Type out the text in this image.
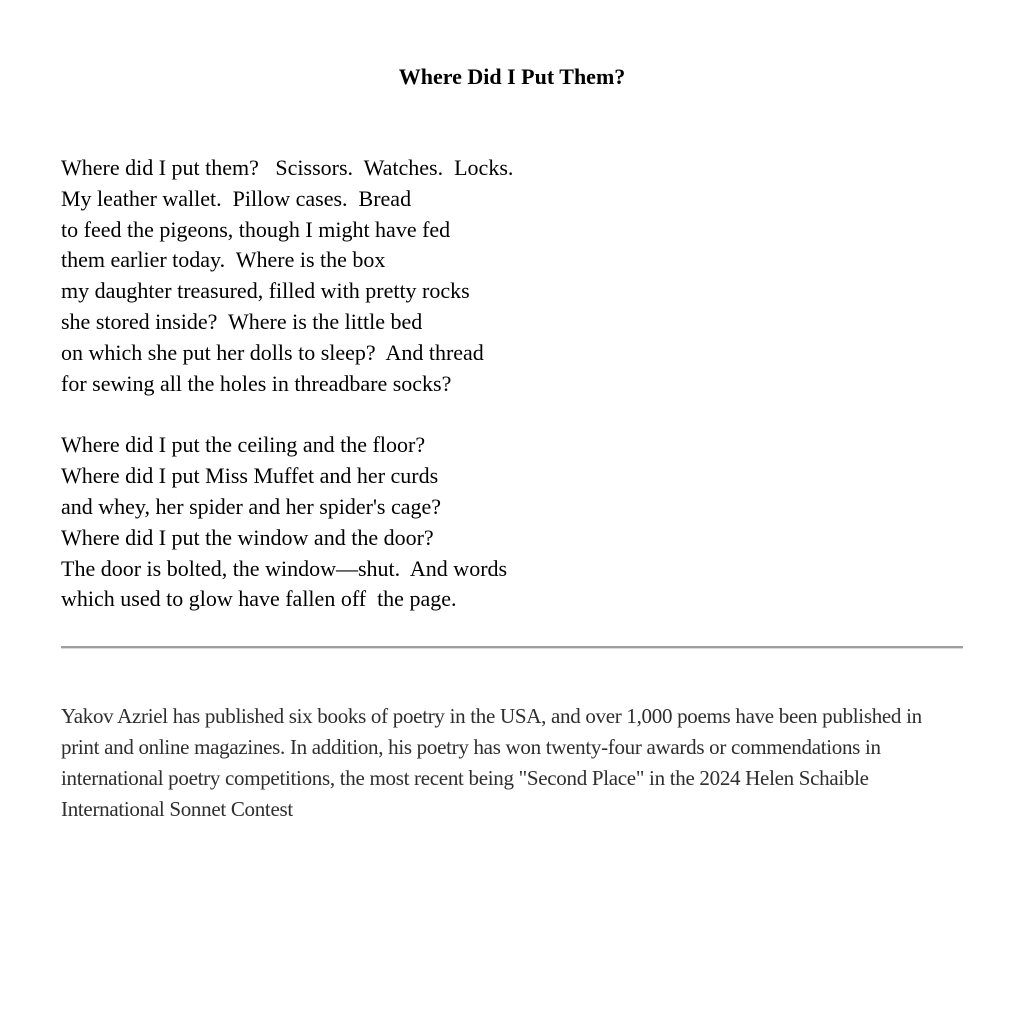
Where Did I Put Them?
Where did I put them?   Scissors.  Watches.  Locks.
My leather wallet.  Pillow cases.  Bread
to feed the pigeons, though I might have fed
them earlier today.  Where is the box
my daughter treasured, filled with pretty rocks
she stored inside?  Where is the little bed
on which she put her dolls to sleep?  And thread
for sewing all the holes in threadbare socks?
Where did I put the ceiling and the floor?
Where did I put Miss Muffet and her curds
and whey, her spider and her spider's cage?
Where did I put the window and the door?
The door is bolted, the window—shut.  And words
which used to glow have fallen off  the page.

Yakov Azriel has published six books of poetry in the USA, and over 1,000 poems have been published in print and online magazines. In addition, his poetry has won twenty-four awards or commendations in international poetry competitions, the most recent being "Second Place" in the 2024 Helen Schaible International Sonnet Contest
